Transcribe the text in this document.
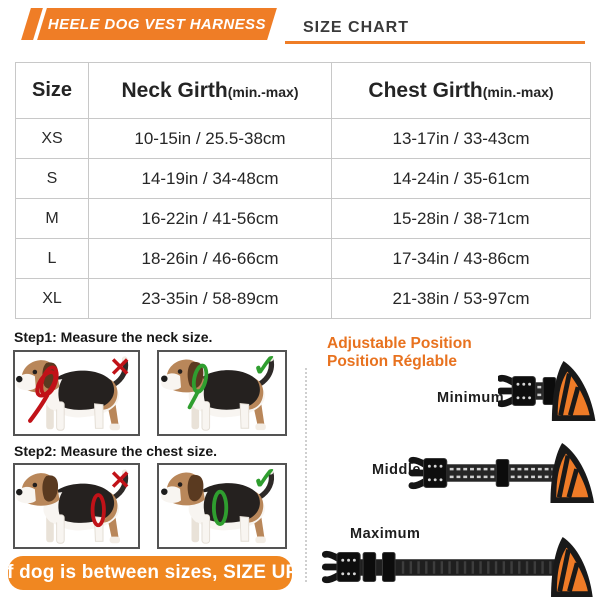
HEELE DOG VEST HARNESS SIZE CHART
Size	Neck Girth(min.-max)	Chest Girth(min.-max)
XS	10-15in / 25.5-38cm	13-17in / 33-43cm
S	14-19in / 34-48cm	14-24in / 35-61cm
M	16-22in / 41-56cm	15-28in / 38-71cm
L	18-26in / 46-66cm	17-34in / 43-86cm
XL	23-35in / 58-89cm	21-38in / 53-97cm
Step1: Measure the neck size.
✕	✓
Step2: Measure the chest size.
✕	✓
If dog is between sizes, SIZE UP
Adjustable Position
Position Réglable
Minimum
Middle
Maximum
